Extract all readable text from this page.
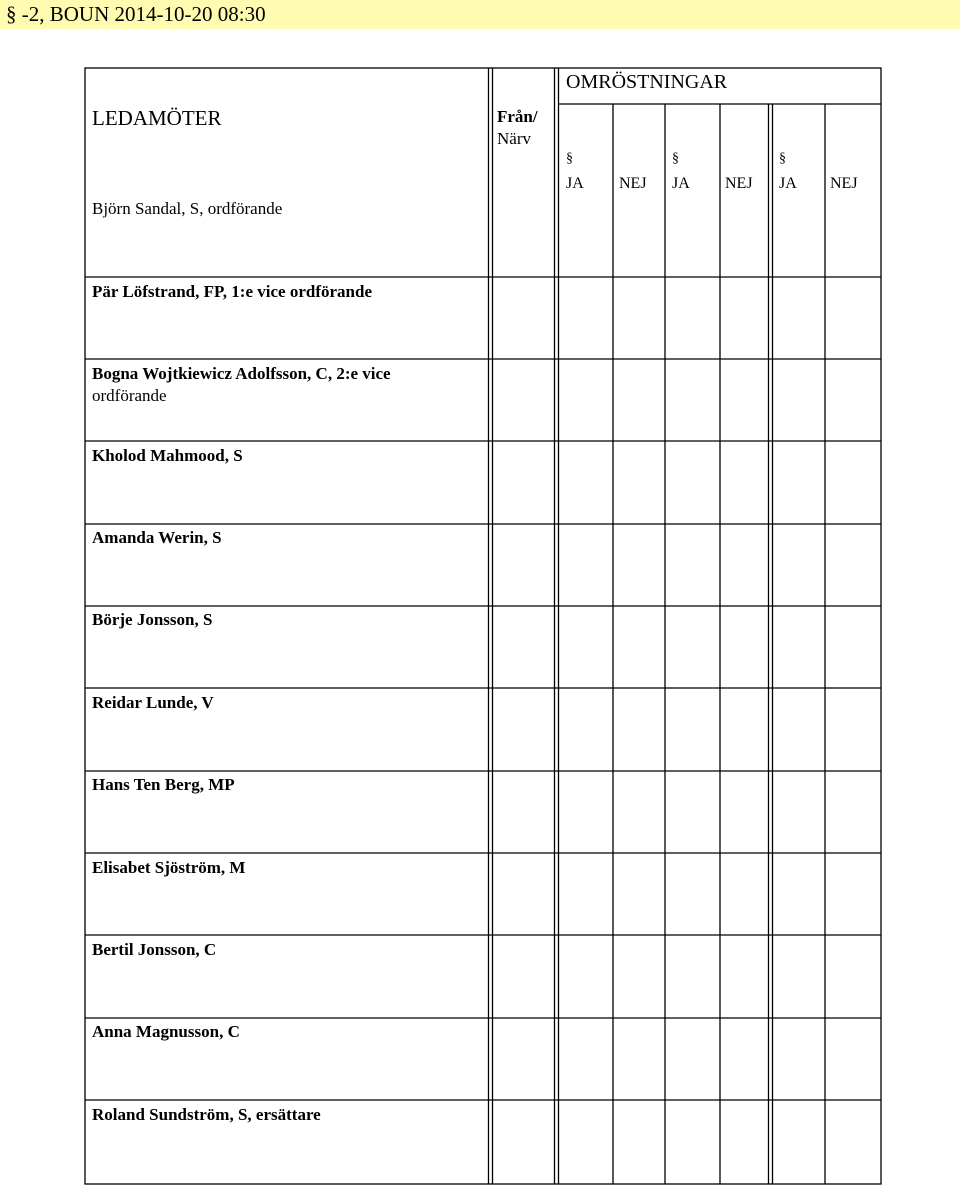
§ -2, BOUN 2014-10-20 08:30
LEDAMÖTER	Från/
Närv
OMRÖSTNINGAR
§
JA NEJ
§
JA NEJ
§
JA NEJ
Björn Sandal, S, ordförande
Pär Löfstrand, FP, 1:e vice ordförande
Bogna Wojtkiewicz Adolfsson, C, 2:e vice
ordförande
Kholod Mahmood, S
Amanda Werin, S
Börje Jonsson, S
Reidar Lunde, V
Hans Ten Berg, MP
Elisabet Sjöström, M
Bertil Jonsson, C
Anna Magnusson, C
Roland Sundström, S, ersättare
